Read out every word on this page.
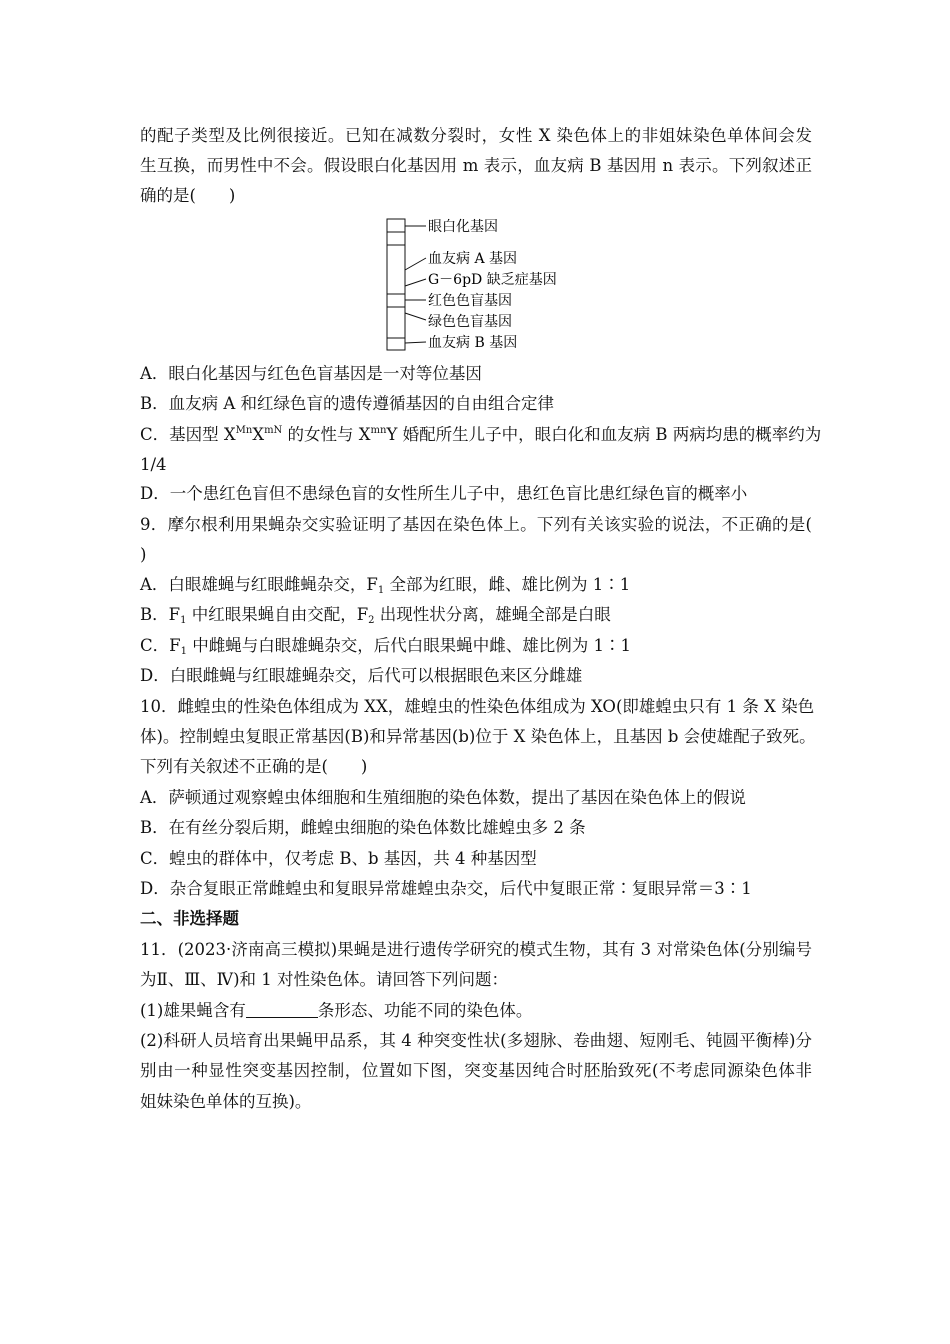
的配子类型及比例很接近。已知在减数分裂时，女性 X 染色体上的非姐妹染色单体间会发
生互换，而男性中不会。假设眼白化基因用 m 表示，血友病 B 基因用 n 表示。下列叙述正
确的是(　　)
眼白化基因
血友病 A 基因
G－6pD 缺乏症基因
红色色盲基因
绿色色盲基因
血友病 B 基因
A．眼白化基因与红色色盲基因是一对等位基因
B．血友病 A 和红绿色盲的遗传遵循基因的自由组合定律
C．基因型 $X^{Mn}X^{mN}$ 的女性与 $X^{mn}Y$ 婚配所生儿子中，眼白化和血友病 B 两病均患的概率约为
1/4
D．一个患红色盲但不患绿色盲的女性所生儿子中，患红色盲比患红绿色盲的概率小
9．摩尔根利用果蝇杂交实验证明了基因在染色体上。下列有关该实验的说法，不正确的是(
)
A．白眼雄蝇与红眼雌蝇杂交，$F_1$ 全部为红眼，雌、雄比例为 1∶1
B．$F_1$ 中红眼果蝇自由交配，$F_2$ 出现性状分离，雄蝇全部是白眼
C．$F_1$ 中雌蝇与白眼雄蝇杂交，后代白眼果蝇中雌、雄比例为 1∶1
D．白眼雌蝇与红眼雄蝇杂交，后代可以根据眼色来区分雌雄
10．雌蝗虫的性染色体组成为 XX，雄蝗虫的性染色体组成为 XO(即雄蝗虫只有 1 条 X 染色
体)。控制蝗虫复眼正常基因(B)和异常基因(b)位于 X 染色体上，且基因 b 会使雄配子致死。
下列有关叙述不正确的是(　　)
A．萨顿通过观察蝗虫体细胞和生殖细胞的染色体数，提出了基因在染色体上的假说
B．在有丝分裂后期，雌蝗虫细胞的染色体数比雄蝗虫多 2 条
C．蝗虫的群体中，仅考虑 B、b 基因，共 4 种基因型
D．杂合复眼正常雌蝗虫和复眼异常雄蝗虫杂交，后代中复眼正常∶复眼异常＝3∶1
二、非选择题
11．(2023·济南高三模拟)果蝇是进行遗传学研究的模式生物，其有 3 对常染色体(分别编号
为Ⅱ、Ⅲ、Ⅳ)和 1 对性染色体。请回答下列问题：
(1)雄果蝇含有	条形态、功能不同的染色体。
(2)科研人员培育出果蝇甲品系，其 4 种突变性状(多翅脉、卷曲翅、短刚毛、钝圆平衡棒)分
别由一种显性突变基因控制，位置如下图，突变基因纯合时胚胎致死(不考虑同源染色体非
姐妹染色单体的互换)。
